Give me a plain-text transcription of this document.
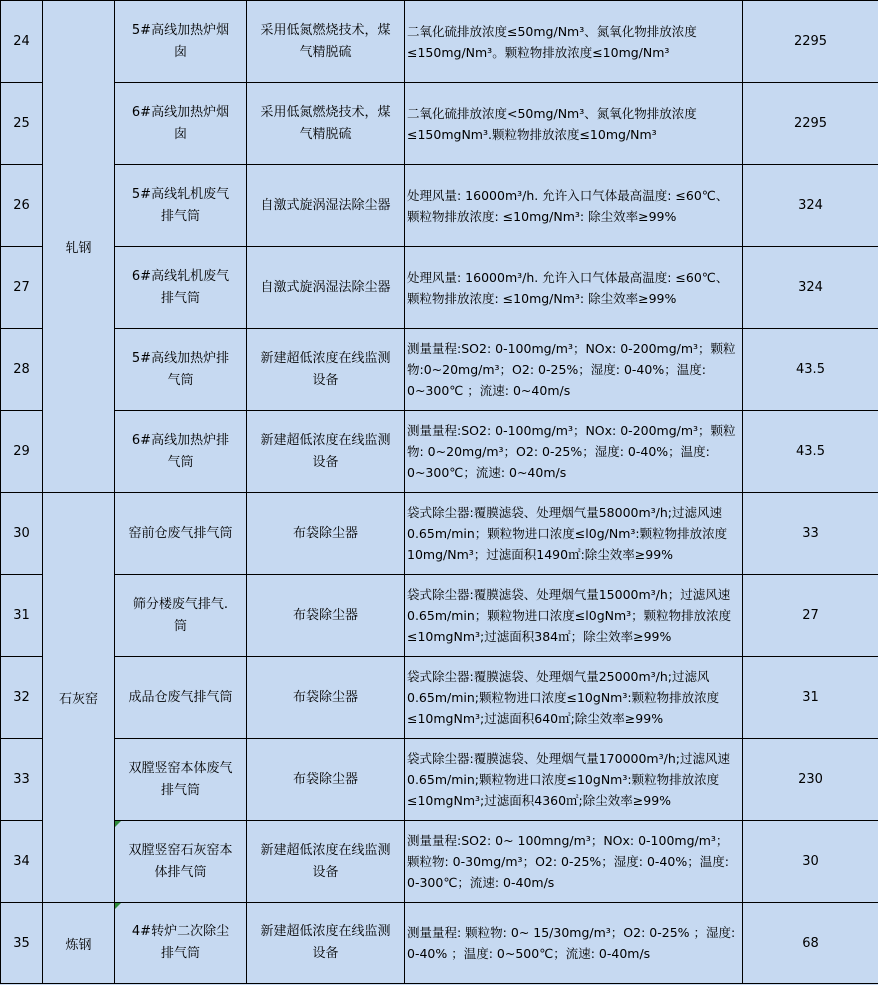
24	轧钢	5#高线加热炉烟囱	采用低氮燃烧技术，煤气精脱硫	二氧化硫排放浓度≤50mg/Nm³、氮氧化物排放浓度≤150mg/Nm³。颗粒物排放浓度≤10mg/Nm³	2295
25		6#高线加热炉烟囱	采用低氮燃烧技术，煤气精脱硫	二氧化硫排放浓度<50mg/Nm³、氮氧化物排放浓度≤150mgNm³.颗粒物排放浓度≤10mg/Nm³	2295
26		5#高线轧机废气排气筒	自激式旋涡湿法除尘器	处理风量: 16000m³/h. 允许入口气体最高温度: ≤60℃、颗粒物排放浓度: ≤10mg/Nm³: 除尘效率≥99%	324
27		6#高线轧机废气排气筒	自激式旋涡湿法除尘器	处理风量: 16000m³/h. 允许入口气体最高温度: ≤60℃、颗粒物排放浓度: ≤10mg/Nm³: 除尘效率≥99%	324
28		5#高线加热炉排气筒	新建超低浓度在线监测设备	测量量程:SO2: 0-100mg/m³；NOx: 0-200mg/m³；颗粒物:0~20mg/m³；O2: 0-25%；湿度: 0-40%；温度: 0~300℃ ；流速: 0~40m/s	43.5
29		6#高线加热炉排气筒	新建超低浓度在线监测设备	测量量程:SO2: 0-100mg/m³；NOx: 0-200mg/m³；颗粒物: 0~20mg/m³；O2: 0-25%；湿度: 0-40%；温度: 0~300℃；流速: 0~40m/s	43.5
30	石灰窑	窑前仓废气排气筒	布袋除尘器	袋式除尘器:覆膜滤袋、处理烟气量58000m³/h;过滤风速0.65m/min；颗粒物进口浓度≤l0g/Nm³:颗粒物排放浓度10mg/Nm³；过滤面积1490㎡:除尘效率≥99%	33
31		筛分楼废气排气.筒	布袋除尘器	袋式除尘器:覆膜滤袋、处理烟气量15000m³/h；过滤风速0.65m/min；颗粒物进口浓度≤l0gNm³；颗粒物排放浓度≤10mgNm³;过滤面积384㎡；除尘效率≥99%	27
32		成品仓废气排气筒	布袋除尘器	袋式除尘器:覆膜滤袋、处理烟气量25000m³/h;过滤风0.65m/min;颗粒物进口浓度≤10gNm³:颗粒物排放浓度≤10mgNm³;过滤面积640㎡;除尘效率≥99%	31
33		双膛竖窑本体废气排气筒	布袋除尘器	袋式除尘器:覆膜滤袋、处理烟气量170000m³/h;过滤风速0.65m/min;颗粒物进口浓度≤10gNm³:颗粒物排放浓度≤10mgNm³;过滤面积4360㎡;除尘效率≥99%	230
34		双膛竖窑石灰窑本体排气筒	新建超低浓度在线监测设备	测量量程:SO2: 0~ 100mng/m³；NOx: 0-100mg/m³；颗粒物: 0-30mg/m³；O2: 0-25%；湿度: 0-40%；温度: 0-300℃；流速: 0-40m/s	30
35	炼钢	4#转炉二次除尘排气筒	新建超低浓度在线监测设备	测量量程: 颗粒物: 0~ 15/30mg/m³；O2: 0-25% ；湿度: 0-40% ；温度: 0~500℃；流速: 0-40m/s	68
